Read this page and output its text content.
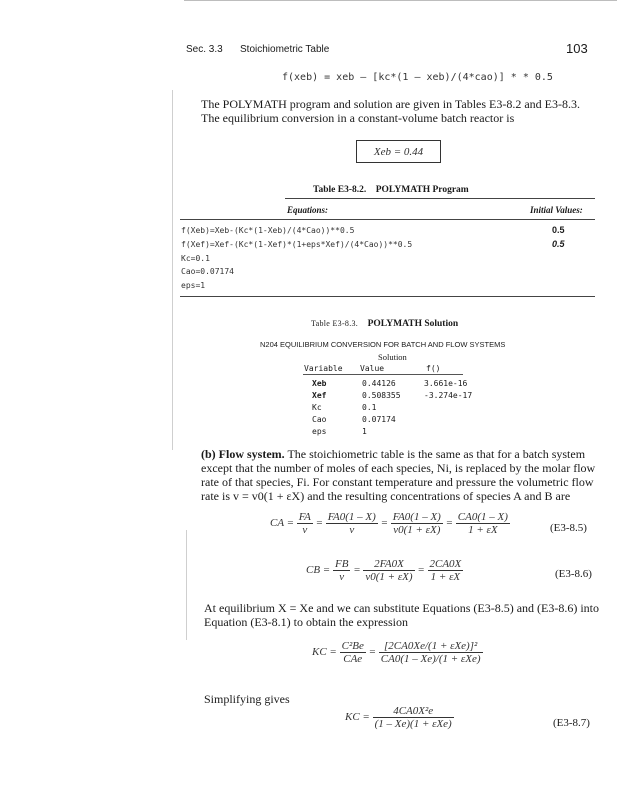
Sec. 3.3 Stoichiometric Table	103
f(xeb) = xeb – [kc*(1 – xeb)/(4*cao)] * * 0.5
The POLYMATH program and solution are given in Tables E3-8.2 and E3-8.3.
The equilibrium conversion in a constant-volume batch reactor is
Xeb = 0.44
Table E3-8.2. POLYMATH Program
Equations:	Initial Values:
f(Xeb)=Xeb-(Kc*(1-Xeb)/(4*Cao))**0.5	0.5
f(Xef)=Xef-(Kc*(1-Xef)*(1+eps*Xef)/(4*Cao))**0.5	0.5
Kc=0.1
Cao=0.07174
eps=1
Table E3-8.3. POLYMATH Solution
N204 EQUILIBRIUM CONVERSION FOR BATCH AND FLOW SYSTEMS
Solution
Variable Value	f()
Xeb	0.44126	3.661e-16
Xef	0.508355	-3.274e-17
Kc	0.1
Cao	0.07174
eps	1
(b) Flow system. The stoichiometric table is the same as that for a batch system
except that the number of moles of each species, Ni, is replaced by the molar flow
rate of that species, Fi. For constant temperature and pressure the volumetric flow
rate is v = v0(1 + εX) and the resulting concentrations of species A and B are
CA = $\frac{FA}{v} = \frac{FA0(1 - X)}{v} = \frac{FA0(1 - X)}{v0(1 + \varepsilon X)} = \frac{CA0(1 - X)}{1 + \varepsilon X}$	(E3-8.5)
CB = $\frac{FB}{v} = \frac{2FA0X}{v0(1 + \varepsilon X)} = \frac{2CA0X}{1 + \varepsilon X}$	(E3-8.6)
At equilibrium X = Xe and we can substitute Equations (E3-8.5) and (E3-8.6) into
Equation (E3-8.1) to obtain the expression
KC = $\frac{\text{C²Be}}{\text{CAe}} = \frac{\text{[2CA0Xe/(1 + εXe)]²}}{\text{CA0(1 – Xe)/(1 + εXe)}}$
Simplifying gives
KC = $\frac{\text{4CA0X²e}}{\text{(1 – Xe)(1 + εXe)}}$	(E3-8.7)
